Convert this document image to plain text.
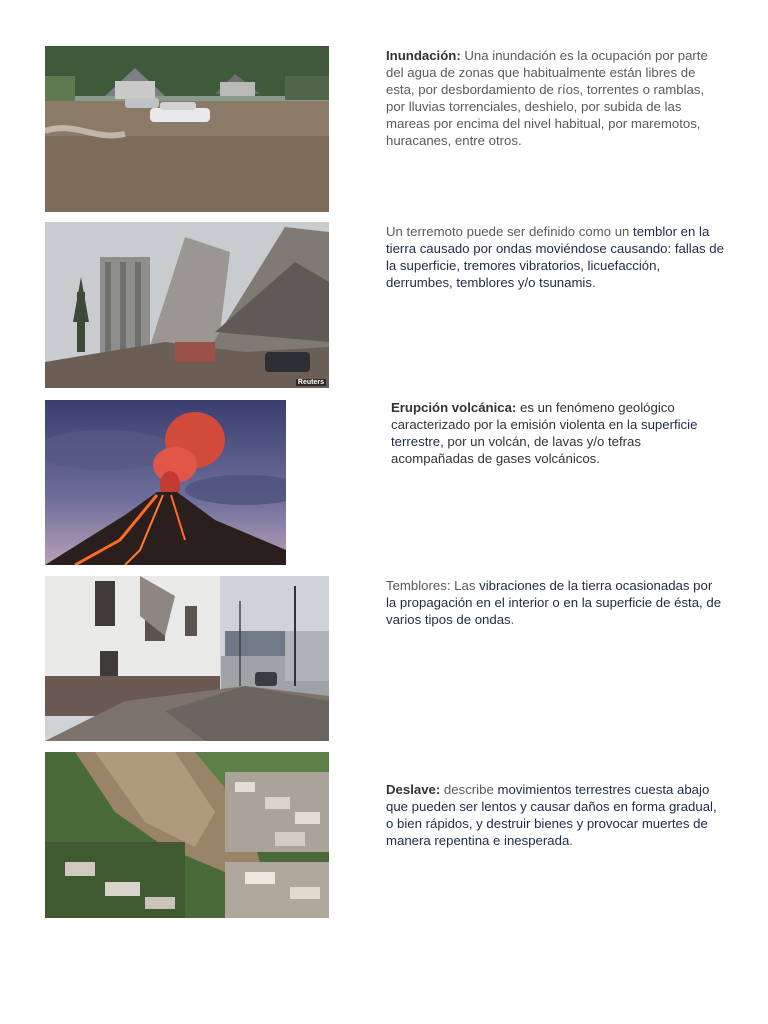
Inundación: Una inundación es la ocupación por parte del agua de zonas que habitualmente están libres de esta, por desbordamiento de ríos, torrentes o ramblas, por lluvias torrenciales, deshielo, por subida de las mareas por encima del nivel habitual, por maremotos, huracanes, entre otros.
Reuters
Un terremoto puede ser definido como un temblor en la tierra causado por ondas moviéndose causando: fallas de la superficie, tremores vibratorios, licuefacción, derrumbes, temblores y/o tsunamis.
Erupción volcánica: es un fenómeno geológico caracterizado por la emisión violenta en la superficie terrestre, por un volcán, de lavas y/o tefras acompañadas de gases volcánicos.
Temblores: Las vibraciones de la tierra ocasionadas por la propagación en el interior o en la superficie de ésta, de varios tipos de ondas.
Deslave: describe movimientos terrestres cuesta abajo que pueden ser lentos y causar daños en forma gradual, o bien rápidos, y destruir bienes y provocar muertes de manera repentina e inesperada.
